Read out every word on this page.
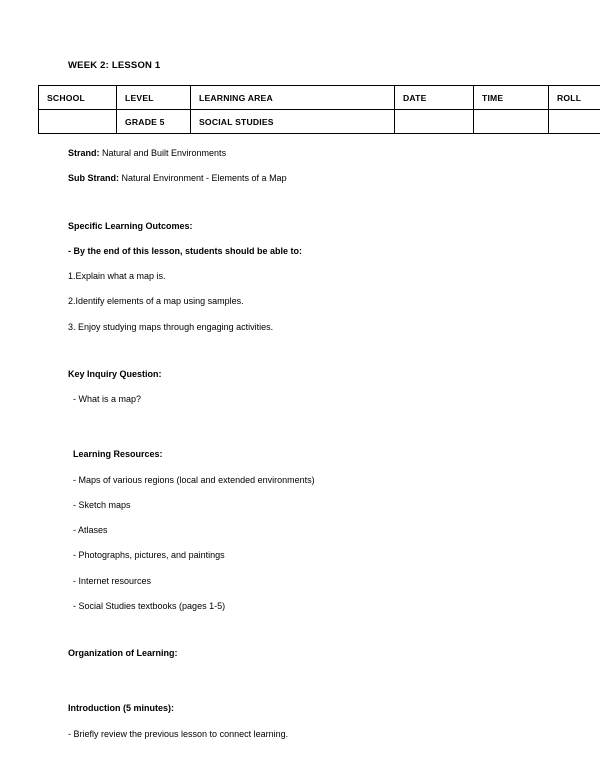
WEEK 2: LESSON 1
SCHOOL	LEVEL	LEARNING AREA	DATE	TIME	ROLL
	GRADE 5	SOCIAL STUDIES			

Strand: Natural and Built Environments

Sub Strand: Natural Environment - Elements of a Map

Specific Learning Outcomes:

- By the end of this lesson, students should be able to:

1.Explain what a map is.

2.Identify elements of a map using samples.

3. Enjoy studying maps through engaging activities.

Key Inquiry Question:

- What is a map?

Learning Resources:

- Maps of various regions (local and extended environments)

- Sketch maps

- Atlases

- Photographs, pictures, and paintings

- Internet resources

- Social Studies textbooks (pages 1-5)

Organization of Learning:

Introduction (5 minutes):

- Briefly review the previous lesson to connect learning.
